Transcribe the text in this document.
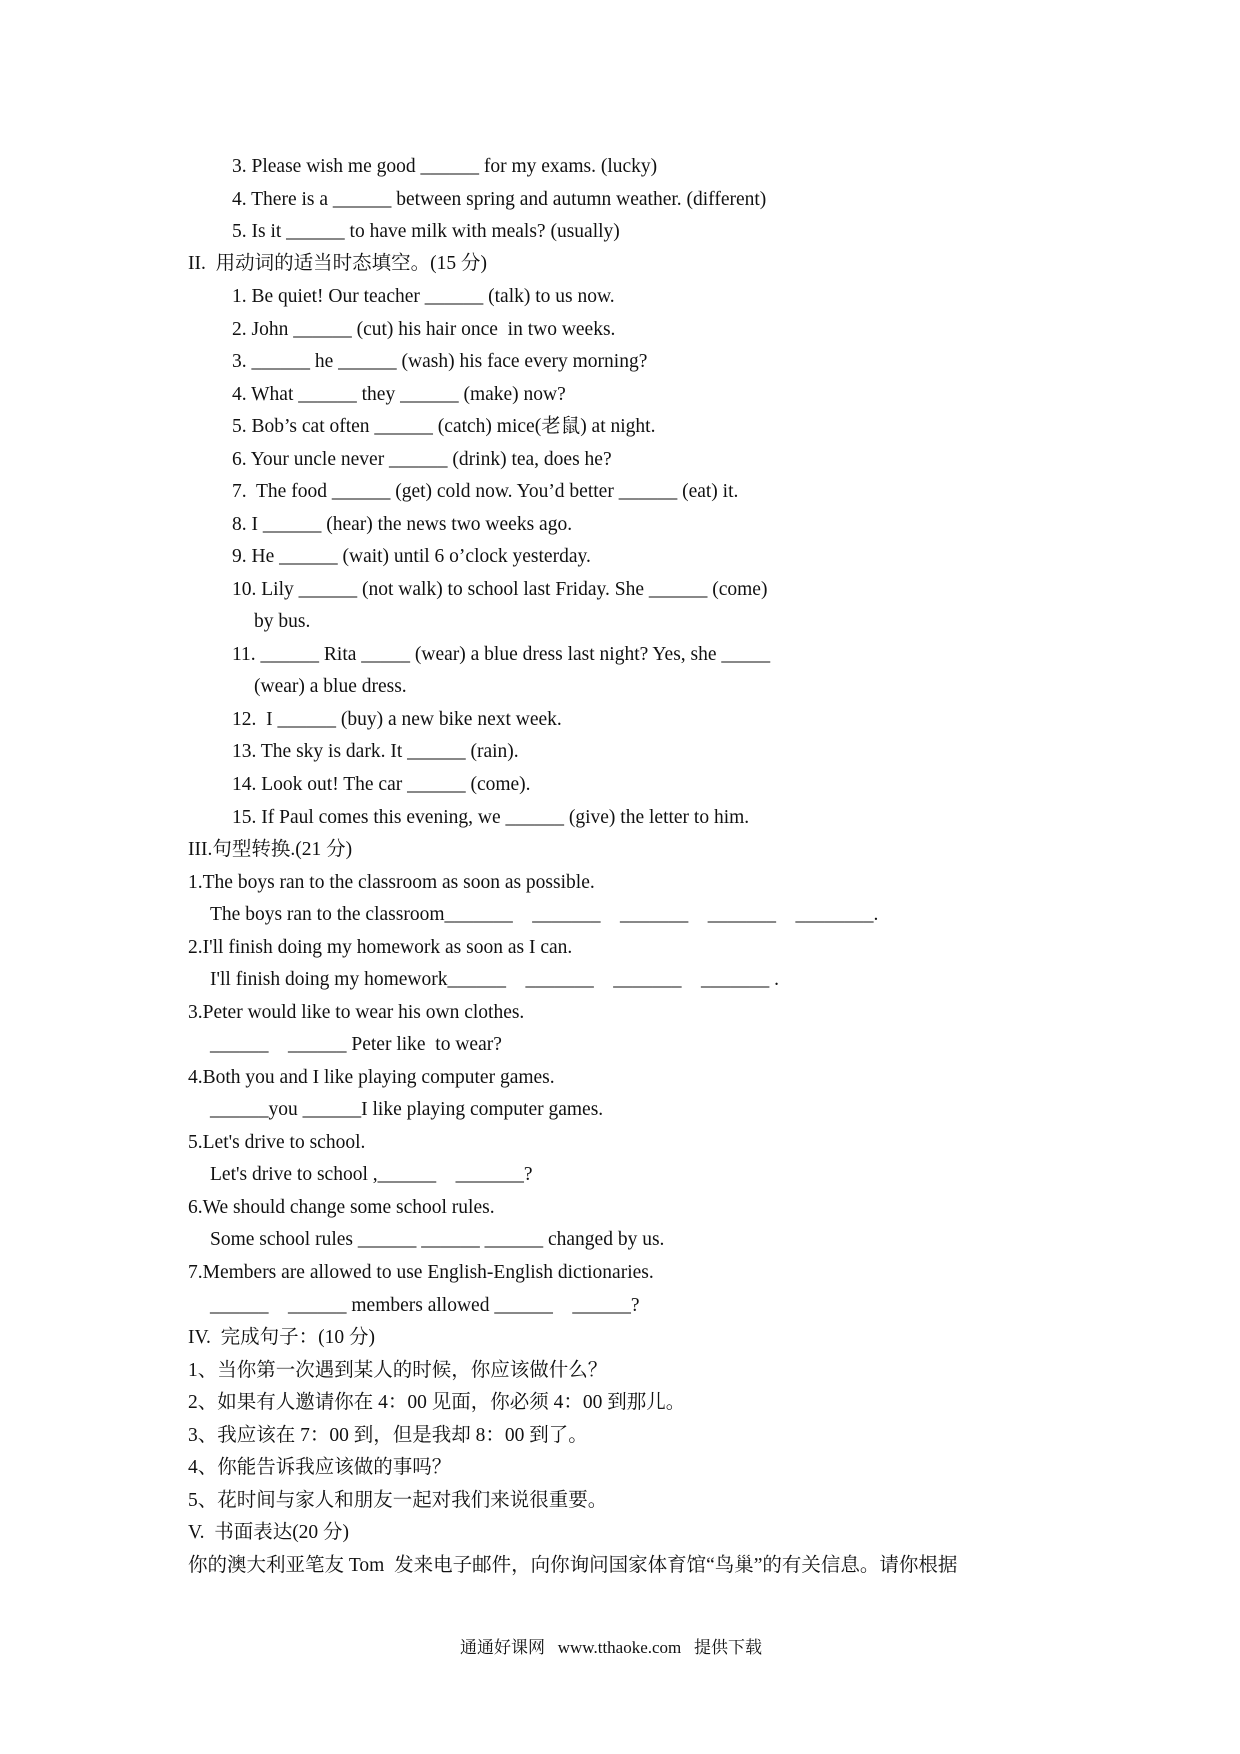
3. Please wish me good ______ for my exams. (lucky)
4. There is a ______ between spring and autumn weather. (different)
5. Is it ______ to have milk with meals? (usually)
II.  用动词的适当时态填空。(15 分)
1. Be quiet! Our teacher ______ (talk) to us now.
2. John ______ (cut) his hair once  in two weeks.
3. ______ he ______ (wash) his face every morning?
4. What ______ they ______ (make) now?
5. Bob’s cat often ______ (catch) mice(老鼠) at night.
6. Your uncle never ______ (drink) tea, does he?
7.  The food ______ (get) cold now. You’d better ______ (eat) it.
8. I ______ (hear) the news two weeks ago.
9. He ______ (wait) until 6 o’clock yesterday.
10. Lily ______ (not walk) to school last Friday. She ______ (come)
by bus.
11. ______ Rita _____ (wear) a blue dress last night? Yes, she _____
(wear) a blue dress.
12.  I ______ (buy) a new bike next week.
13. The sky is dark. It ______ (rain).
14. Look out! The car ______ (come).
15. If Paul comes this evening, we ______ (give) the letter to him.
III.句型转换.(21 分)
1.The boys ran to the classroom as soon as possible.
The boys ran to the classroom_______    _______    _______    _______    ________.
2.I'll finish doing my homework as soon as I can.
I'll finish doing my homework______    _______    _______    _______ .
3.Peter would like to wear his own clothes.
______    ______ Peter like  to wear?
4.Both you and I like playing computer games.
______you ______I like playing computer games.
5.Let's drive to school.
Let's drive to school ,______    _______?
6.We should change some school rules.
Some school rules ______ ______ ______ changed by us.
7.Members are allowed to use English-English dictionaries.
______    ______ members allowed ______    ______?
IV.  完成句子：(10 分)
1、当你第一次遇到某人的时候，你应该做什么？
2、如果有人邀请你在 4：00 见面，你必须 4：00 到那儿。
3、我应该在 7：00 到，但是我却 8：00 到了。
4、你能告诉我应该做的事吗？
5、花时间与家人和朋友一起对我们来说很重要。
V.  书面表达(20 分)
你的澳大利亚笔友 Tom  发来电子邮件，向你询问国家体育馆“鸟巢”的有关信息。请你根据
通通好课网   www.tthaoke.com   提供下载
